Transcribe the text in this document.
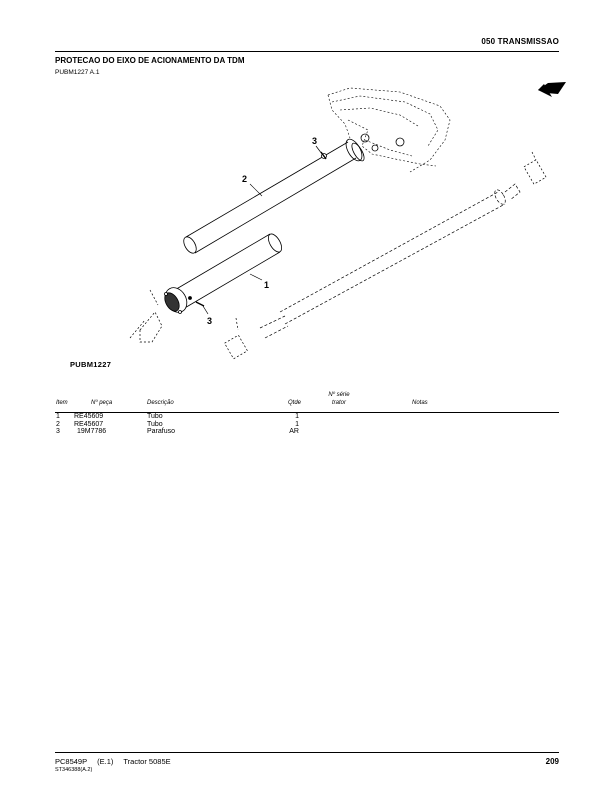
050 TRANSMISSAO
PROTECAO DO EIXO DE ACIONAMENTO DA TDM
PUBM1227 A.1
2
1
3
3
PUBM1227
Item	Nº peça	Descrição	Qtde
Nº série
trator	Notas
1 RE45609	Tubo	1
2 RE45607	Tubo	1
3 19M7786	Parafuso	AR
PC8549P (E.1) Tractor 5085E
ST346388(A.2)
209
